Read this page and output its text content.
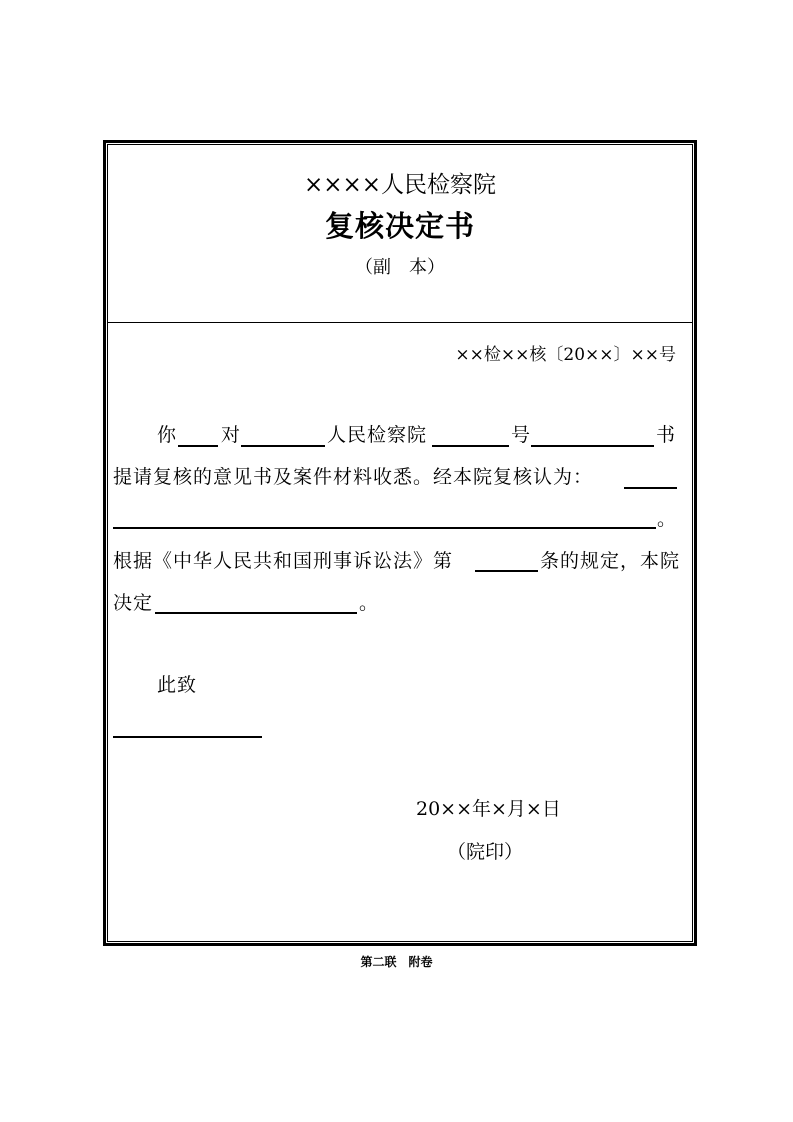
××××人民检察院
复核决定书
（副　本）
××检××核〔20××〕××号
你 对	人民检察院	号	书
提请复核的意见书及案件材料收悉。经本院复核认为：
。
根据《中华人民共和国刑事诉讼法》第	条的规定，本院
决定	。
此致
20××年×月×日
（院印）
第二联　附卷
